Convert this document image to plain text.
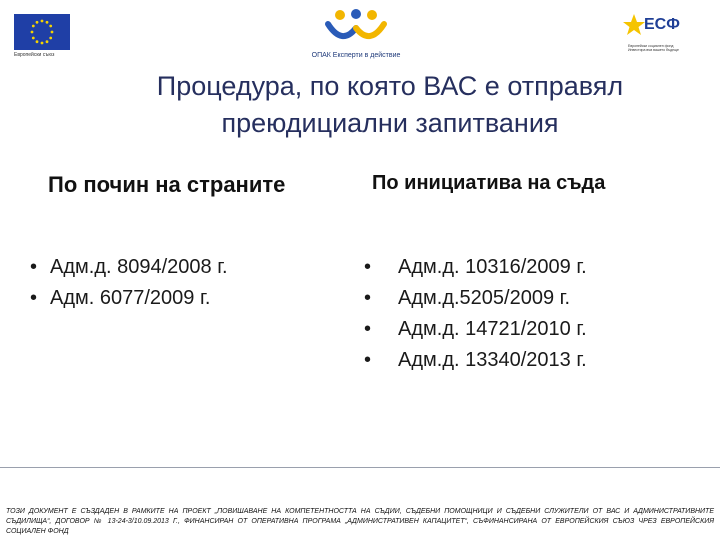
Европейски съюз	ОПАК Експерти в действие
ЕСФ
Европейски социален фонд Инвестира във вашето бъдеще
Процедура, по която ВАС е отправял
преюдициални запитвания
По почин на страните	По инициатива на съда
• Адм.д. 8094/2008 г.
• Адм. 6077/2009 г.
• Адм.д. 10316/2009 г.
• Адм.д.5205/2009 г.
• Адм.д. 14721/2010 г.
• Адм.д. 13340/2013 г.
ТОЗИ ДОКУМЕНТ Е СЪЗДАДЕН В РАМКИТЕ НА ПРОЕКТ „ПОВИШАВАНЕ НА КОМПЕТЕНТНОСТТА НА СЪДИИ, СЪДЕБНИ ПОМОЩНИЦИ И СЪДЕБНИ СЛУЖИТЕЛИ ОТ ВАС И АДМИНИСТРАТИВНИТЕ СЪДИЛИЩА“, ДОГОВОР № 13-24-3/10.09.2013 Г., ФИНАНСИРАН ОТ ОПЕРАТИВНА ПРОГРАМА „АДМИНИСТРАТИВЕН КАПАЦИТЕТ“, СЪФИНАНСИРАНА ОТ ЕВРОПЕЙСКИЯ СЪЮЗ ЧРЕЗ ЕВРОПЕЙСКИЯ СОЦИАЛЕН ФОНД
